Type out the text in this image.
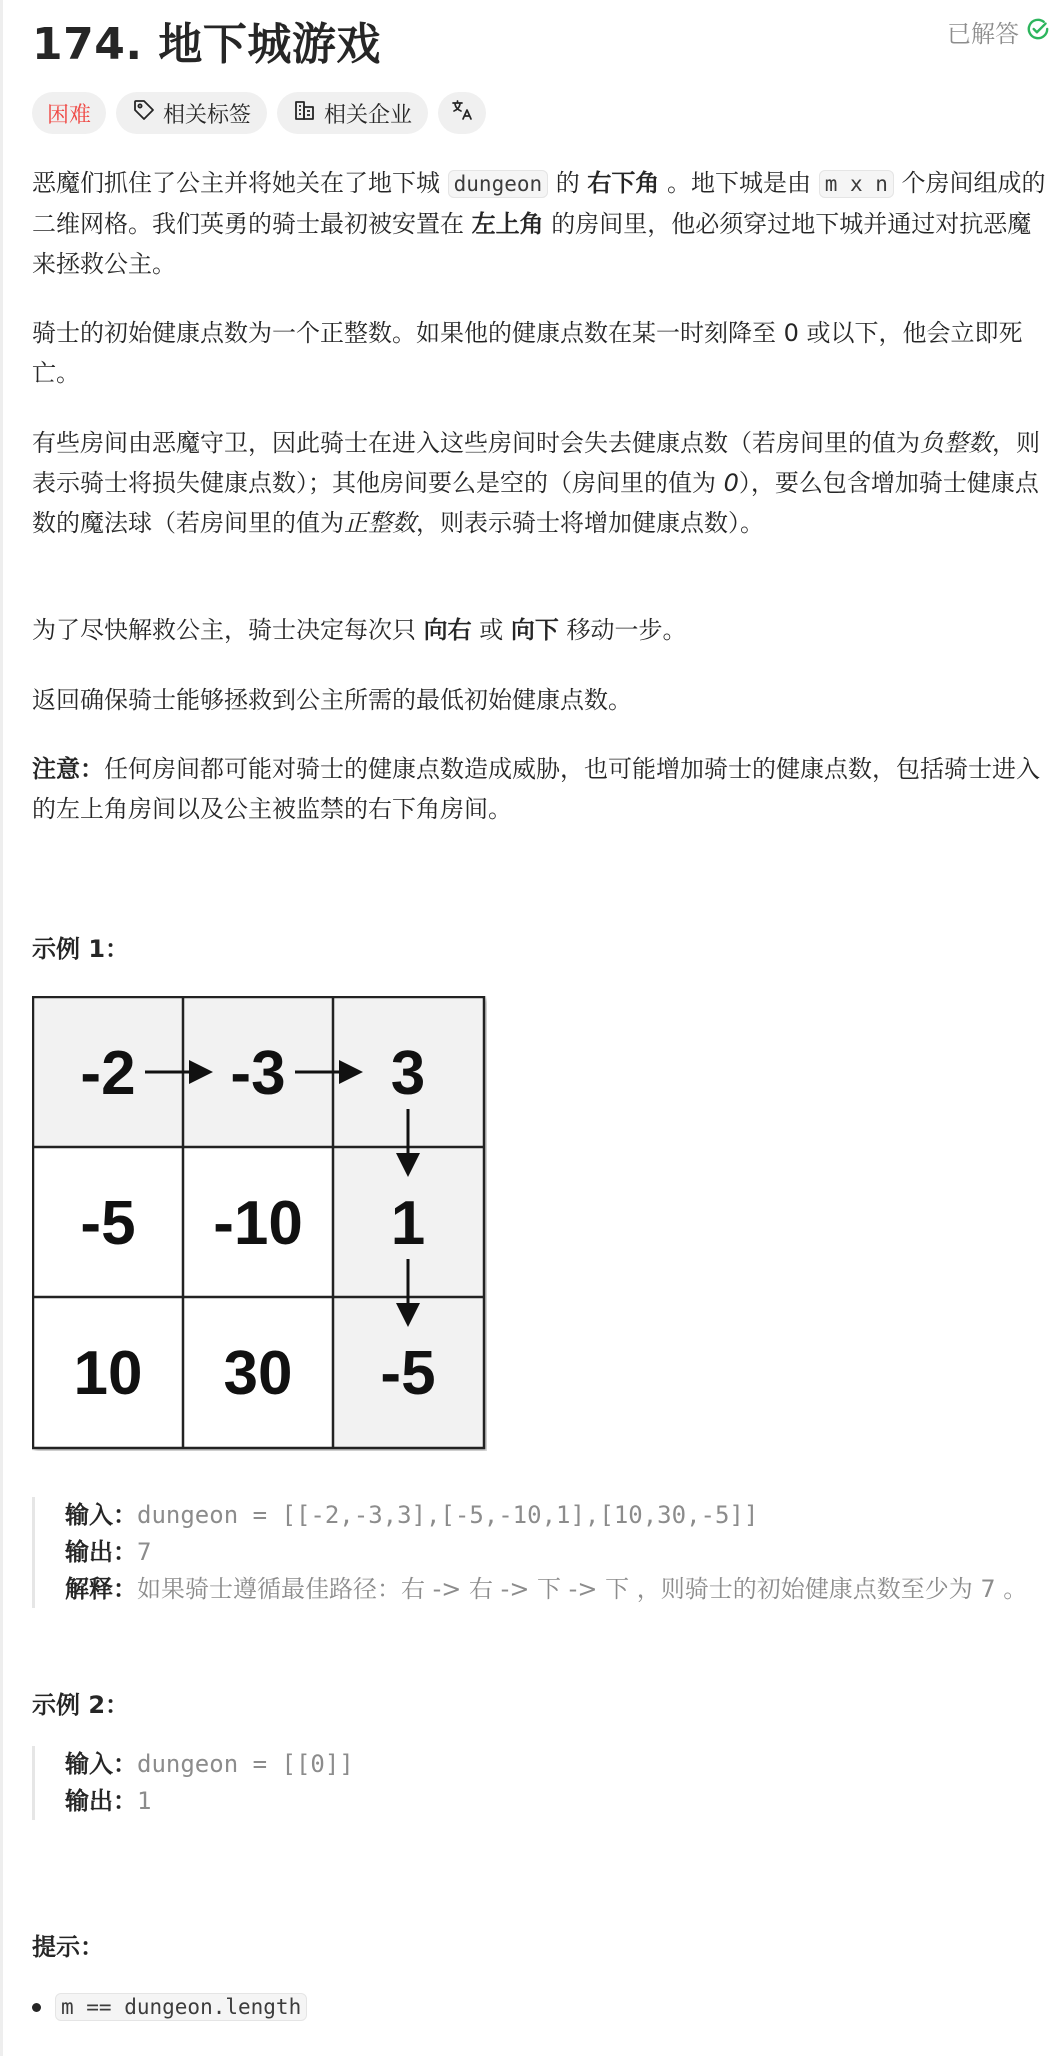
174. 地下城游戏	已解答
困难	相关标签	相关企业
恶魔们抓住了公主并将她关在了地下城 dungeon 的 右下角 。地下城是由 m x n 个房间组成的二维网格。我们英勇的骑士最初被安置在 左上角 的房间里，他必须穿过地下城并通过对抗恶魔来拯救公主。
骑士的初始健康点数为一个正整数。如果他的健康点数在某一时刻降至 0 或以下，他会立即死亡。
有些房间由恶魔守卫，因此骑士在进入这些房间时会失去健康点数（若房间里的值为负整数，则表示骑士将损失健康点数）；其他房间要么是空的（房间里的值为 0），要么包含增加骑士健康点数的魔法球（若房间里的值为正整数，则表示骑士将增加健康点数）。
为了尽快解救公主，骑士决定每次只 向右 或 向下 移动一步。
返回确保骑士能够拯救到公主所需的最低初始健康点数。
注意：任何房间都可能对骑士的健康点数造成威胁，也可能增加骑士的健康点数，包括骑士进入的左上角房间以及公主被监禁的右下角房间。
示例 1：
-2 -3 3
-5 -10 1
10 30 -5
输入：dungeon = [[-2,-3,3],[-5,-10,1],[10,30,-5]]
输出：7
解释：如果骑士遵循最佳路径：右 -> 右 -> 下 -> 下 ，则骑士的初始健康点数至少为 7 。
示例 2：
输入：dungeon = [[0]]
输出：1
提示：
m == dungeon.length
